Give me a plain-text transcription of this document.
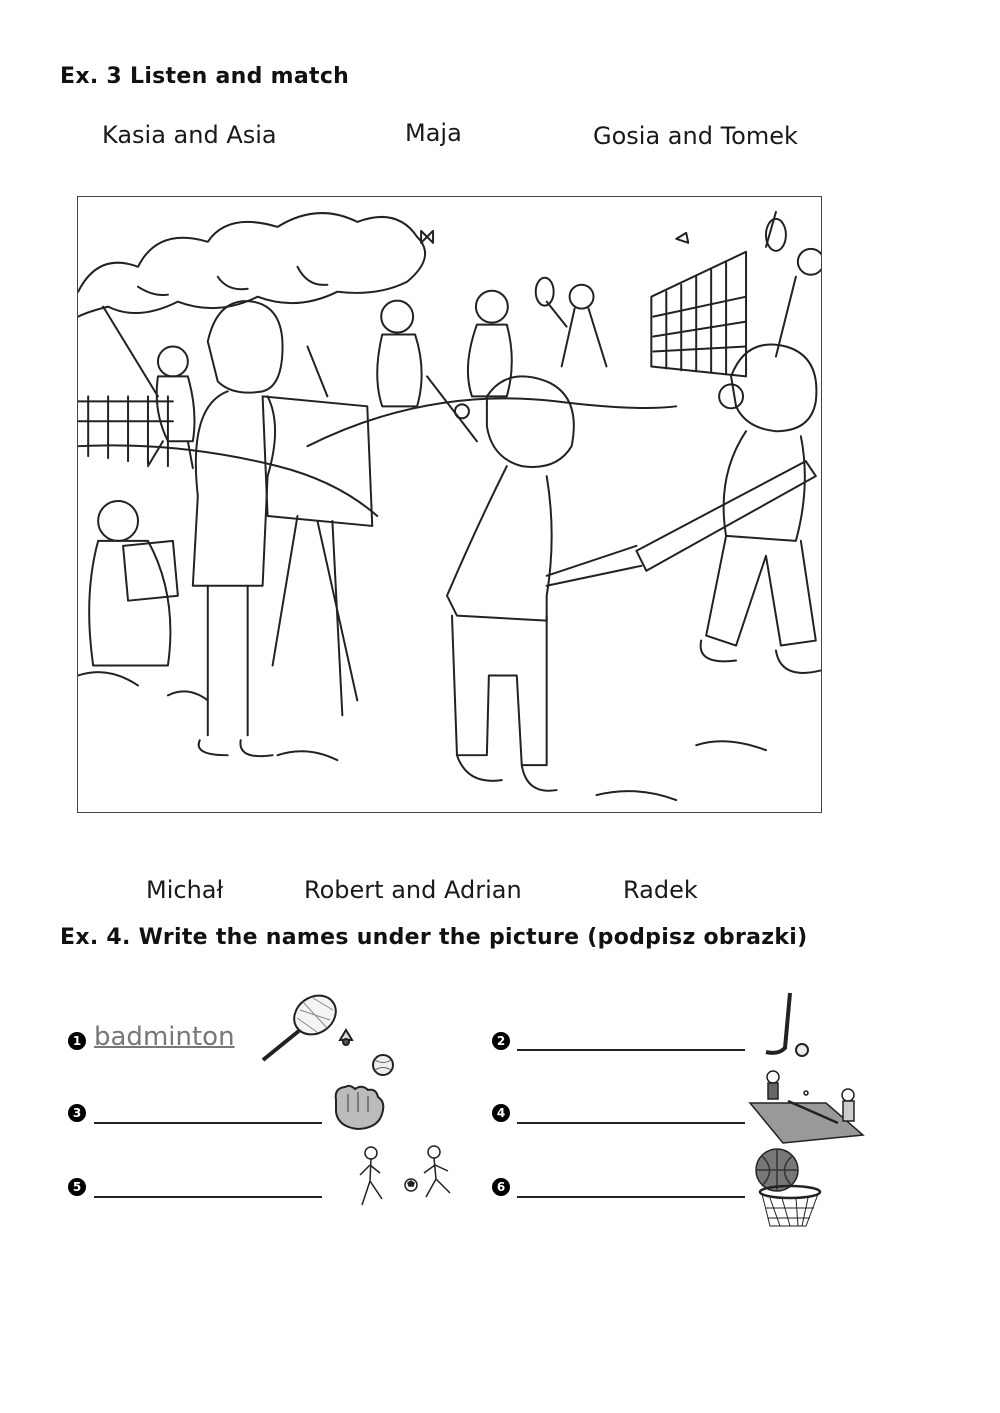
Ex. 3 Listen and match
Kasia and Asia	Maja	Gosia and Tomek
Michał	Robert and Adrian	Radek
Ex. 4. Write the names under the picture (podpisz obrazki)
1 badminton	2
3	4
5	6
